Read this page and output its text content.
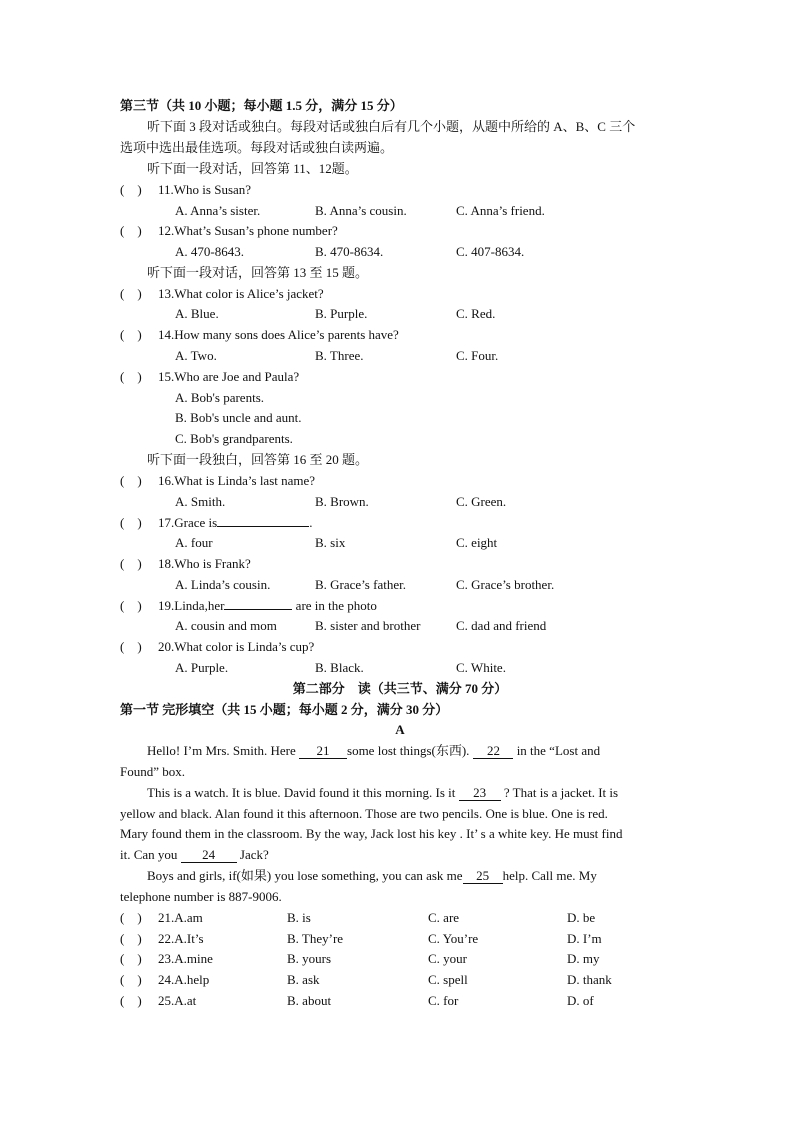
第三节（共 10 小题；每小题 1.5 分，满分 15 分）
听下面 3 段对话或独白。每段对话或独白后有几个小题，从题中所给的 A、B、C 三个
选项中选出最佳选项。每段对话或独白读两遍。
听下面一段对话，回答第 11、12题。
(　) 11.Who is Susan?
A. Anna’s sister.	B. Anna’s cousin.	C. Anna’s friend.
(　) 12.What’s Susan’s phone number?
A. 470-8643.	B. 470-8634.	C. 407-8634.
听下面一段对话，回答第 13 至 15 题。
(　) 13.What color is Alice’s jacket?
A. Blue.	B. Purple.	C. Red.
(　) 14.How many sons does Alice’s parents have?
A. Two.	B. Three.	C. Four.
(　) 15.Who are Joe and Paula?
A. Bob's parents.
B. Bob's uncle and aunt.
C. Bob's grandparents.
听下面一段独白，回答第 16 至 20 题。
(　) 16.What is Linda’s last name?
A. Smith.	B. Brown.	C. Green.
(　) 17.Grace is	.
A. four	B. six	C. eight
(　) 18.Who is Frank?
A. Linda’s cousin.	B. Grace’s father.	C. Grace’s brother.
(　) 19.Linda,her	are in the photo
A. cousin and mom	B. sister and brother	C. dad and friend
(　) 20.What color is Linda’s cup?
A. Purple.	B. Black.	C. White.
第二部分　读（共三节、满分 70 分）
第一节 完形填空（共 15 小题；每小题 2 分，满分 30 分）
A
Hello! I’m Mrs. Smith. Here 21 some lost things(东西). 22 in the “Lost and
Found” box.
This is a watch. It is blue. David found it this morning. Is it 23 ? That is a jacket. It is
yellow and black. Alan found it this afternoon. Those are two pencils. One is blue. One is red.
Mary found them in the classroom. By the way, Jack lost his key . It’ s a white key. He must find
it. Can you 24 Jack?
Boys and girls, if(如果) you lose something, you can ask me 25 help. Call me. My
telephone number is 887-9006.
(　) 21.A.am	B. is	C. are	D. be
(　) 22.A.It’s	B. They’re	C. You’re	D. I’m
(　) 23.A.mine	B. yours	C. your	D. my
(　) 24.A.help	B. ask	C. spell	D. thank
(　) 25.A.at	B. about	C. for	D. of
